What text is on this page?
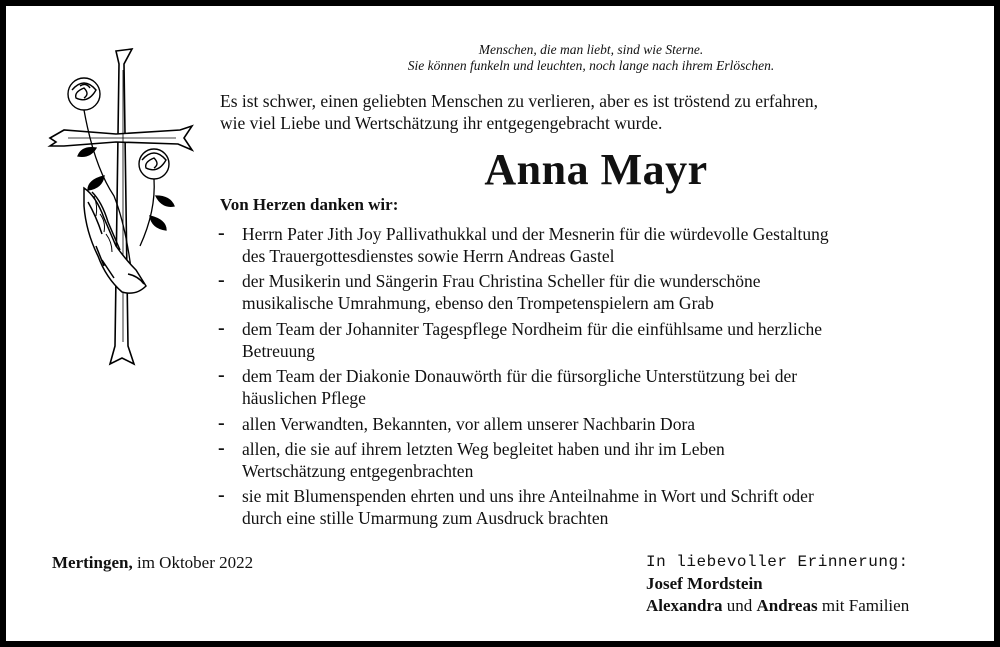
Menschen, die man liebt, sind wie Sterne.
Sie können funkeln und leuchten, noch lange nach ihrem Erlöschen.
Es ist schwer, einen geliebten Menschen zu verlieren, aber es ist tröstend zu erfahren,
wie viel Liebe und Wertschätzung ihr entgegengebracht wurde.
Anna Mayr
Von Herzen danken wir:
- Herrn Pater Jith Joy Pallivathukkal und der Mesnerin für die würdevolle Gestaltung
des Trauergottesdienstes sowie Herrn Andreas Gastel
- der Musikerin und Sängerin Frau Christina Scheller für die wunderschöne
musikalische Umrahmung, ebenso den Trompetenspielern am Grab
- dem Team der Johanniter Tagespflege Nordheim für die einfühlsame und herzliche
Betreuung
- dem Team der Diakonie Donauwörth für die fürsorgliche Unterstützung bei der
häuslichen Pflege
- allen Verwandten, Bekannten, vor allem unserer Nachbarin Dora
- allen, die sie auf ihrem letzten Weg begleitet haben und ihr im Leben
Wertschätzung entgegenbrachten
- sie mit Blumenspenden ehrten und uns ihre Anteilnahme in Wort und Schrift oder
durch eine stille Umarmung zum Ausdruck brachten
Mertingen, im Oktober 2022	In liebevoller Erinnerung:
Josef Mordstein
Alexandra und Andreas mit Familien
